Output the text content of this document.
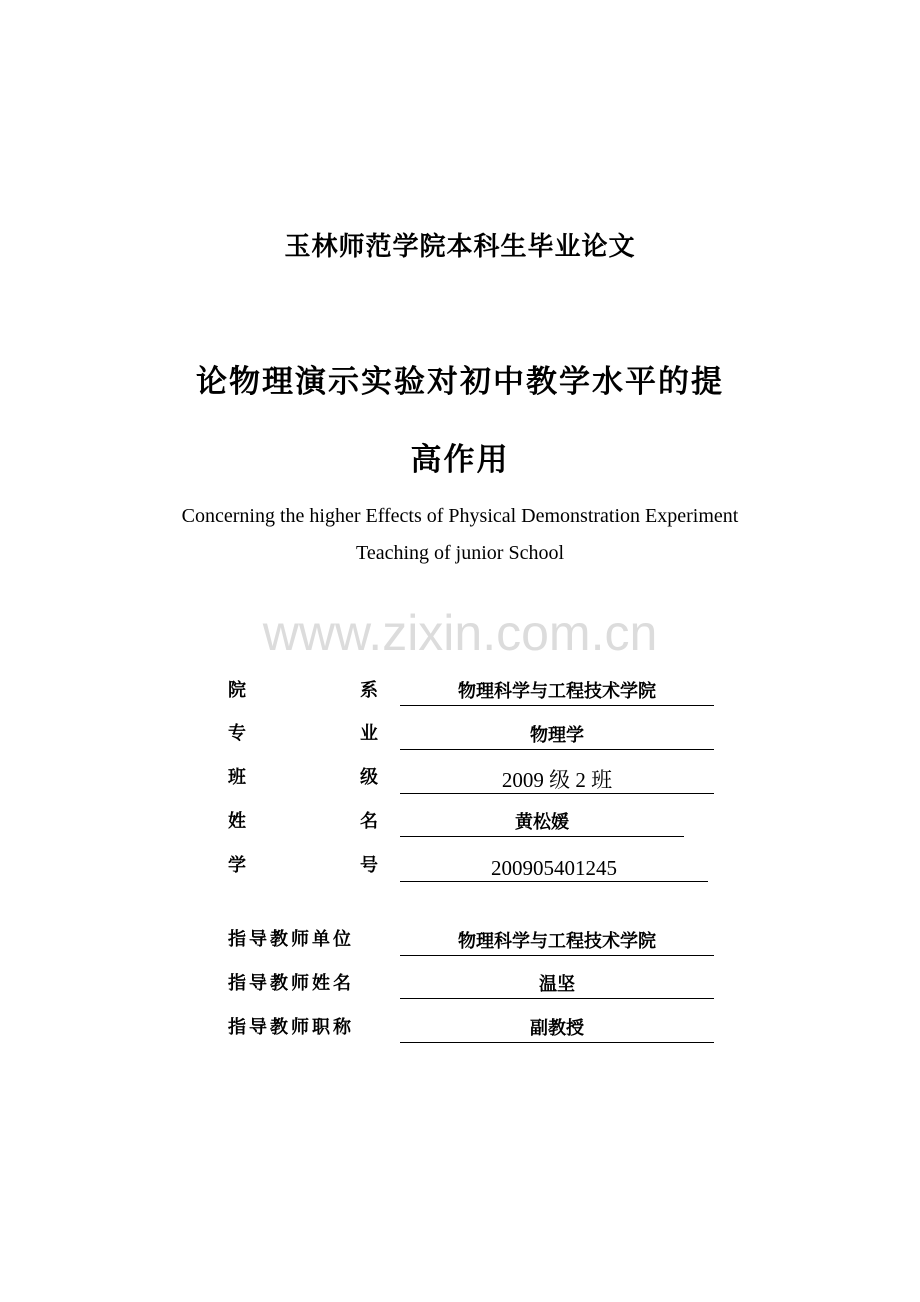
玉林师范学院本科生毕业论文
论物理演示实验对初中教学水平的提
高作用
Concerning the higher Effects of Physical Demonstration Experiment
Teaching of junior School
www.zixin.com.cn
院	系	物理科学与工程技术学院
专	业	物理学
班	级	2009 级 2 班
姓	名	黄松媛
学	号	200905401245
指导教师单位	物理科学与工程技术学院
指导教师姓名	温坚
指导教师职称	副教授
